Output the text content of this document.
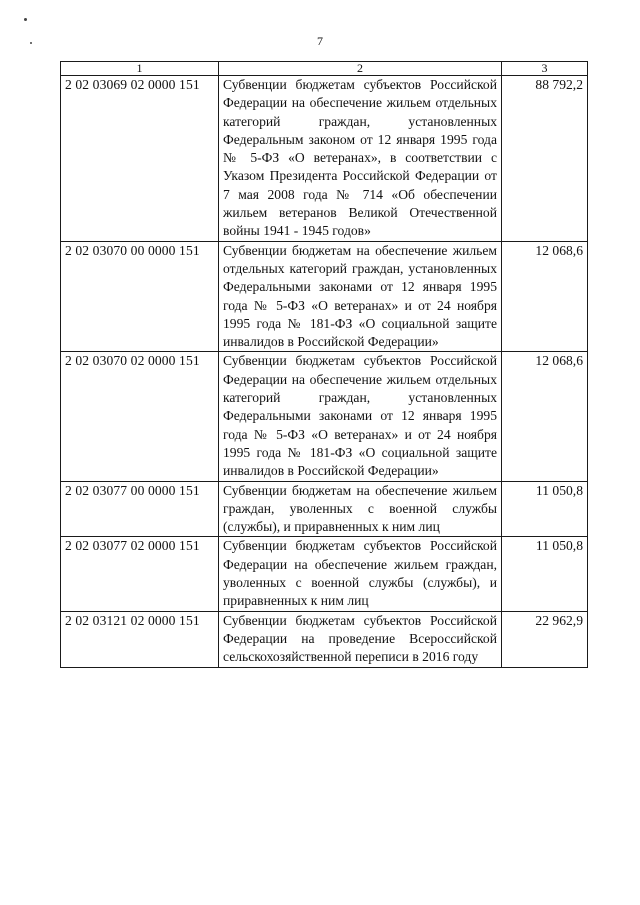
7
1	2	3
2 02 03069 02 0000 151	Субвенции бюджетам субъектов Российской Федерации на обеспечение жильем отдельных категорий граждан, установленных Федеральным законом от 12 января 1995 года № 5-ФЗ «О ветеранах», в соответствии с Указом Президента Российской Федерации от 7 мая 2008 года № 714 «Об обеспечении жильем ветеранов Великой Отечественной войны 1941 - 1945 годов»	88 792,2
2 02 03070 00 0000 151	Субвенции бюджетам на обеспечение жильем отдельных категорий граждан, установленных Федеральными законами от 12 января 1995 года № 5-ФЗ «О ветеранах» и от 24 ноября 1995 года № 181-ФЗ «О социальной защите инвалидов в Российской Федерации»	12 068,6
2 02 03070 02 0000 151	Субвенции бюджетам субъектов Российской Федерации на обеспечение жильем отдельных категорий граждан, установленных Федеральными законами от 12 января 1995 года № 5-ФЗ «О ветеранах» и от 24 ноября 1995 года № 181-ФЗ «О социальной защите инвалидов в Российской Федерации»	12 068,6
2 02 03077 00 0000 151	Субвенции бюджетам на обеспечение жильем граждан, уволенных с военной службы (службы), и приравненных к ним лиц	11 050,8
2 02 03077 02 0000 151	Субвенции бюджетам субъектов Российской Федерации на обеспечение жильем граждан, уволенных с военной службы (службы), и приравненных к ним лиц	11 050,8
2 02 03121 02 0000 151	Субвенции бюджетам субъектов Российской Федерации на проведение Всероссийской сельскохозяйственной переписи в 2016 году	22 962,9
